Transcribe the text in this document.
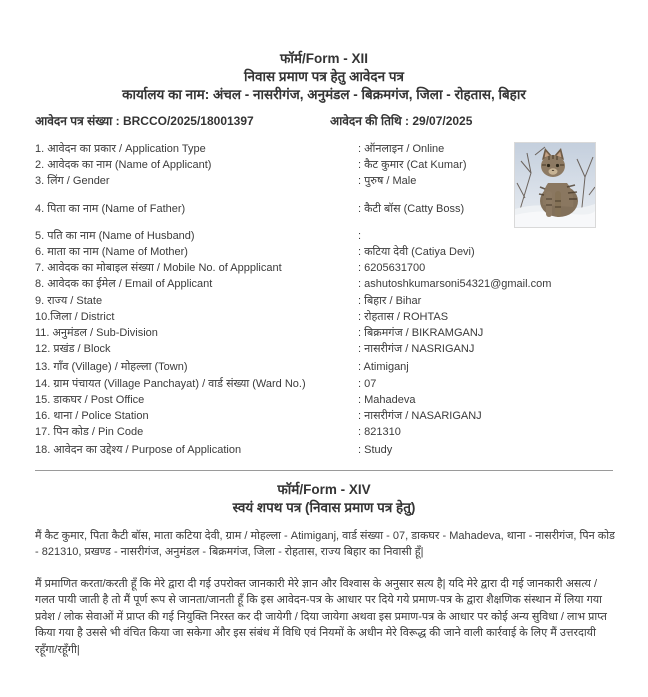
फॉर्म/Form - XII
निवास प्रमाण पत्र हेतु आवेदन पत्र
कार्यालय का नाम: अंचल - नासरीगंज, अनुमंडल - बिक्रमगंज, जिला - रोहतास, बिहार
आवेदन पत्र संख्या : BRCCO/2025/18001397	आवेदन की तिथि : 29/07/2025
1. आवेदन का प्रकार / Application Type	: ऑनलाइन / Online
2. आवेदक का नाम (Name of Applicant)	: कैट कुमार (Cat Kumar)
3. लिंग / Gender	: पुरुष / Male
4. पिता का नाम (Name of Father)	: कैटी बॉस (Catty Boss)
5. पति का नाम (Name of Husband)	:
6. माता का नाम (Name of Mother)	: कटिया देवी (Catiya Devi)
7. आवेदक का मोबाइल संख्या / Mobile No. of Appplicant	: 6205631700
8. आवेदक का ईमेल / Email of Applicant	: ashutoshkumarsoni54321@gmail.com
9. राज्य / State	: बिहार / Bihar
10.जिला / District	: रोहतास / ROHTAS
11. अनुमंडल / Sub-Division	: बिक्रमगंज / BIKRAMGANJ
12. प्रखंड / Block	: नासरीगंज / NASRIGANJ
13. गाँव (Village) / मोहल्ला (Town)	: Atimiganj
14. ग्राम पंचायत (Village Panchayat) / वार्ड संख्या (Ward No.)	: 07
15. डाकघर / Post Office	: Mahadeva
16. थाना / Police Station	: नासरीगंज / NASARIGANJ
17. पिन कोड / Pin Code	: 821310
18. आवेदन का उद्देश्य / Purpose of Application	: Study
फॉर्म/Form - XIV
स्वयं शपथ पत्र (निवास प्रमाण पत्र हेतु)
मैं कैट कुमार, पिता कैटी बॉस, माता कटिया देवी, ग्राम / मोहल्ला - Atimiganj, वार्ड संख्या - 07, डाकघर - Mahadeva, थाना - नासरीगंज, पिन कोड - 821310, प्रखण्ड - नासरीगंज, अनुमंडल - बिक्रमगंज, जिला - रोहतास, राज्य बिहार का निवासी हूँ|
मैं प्रमाणित करता/करती हूँ कि मेरे द्वारा दी गई उपरोक्त जानकारी मेरे ज्ञान और विश्वास के अनुसार सत्य है| यदि मेरे द्वारा दी गई जानकारी असत्य / गलत पायी जाती है तो मैं पूर्ण रूप से जानता/जानती हूँ कि इस आवेदन-पत्र के आधार पर दिये गये प्रमाण-पत्र के द्वारा शैक्षणिक संस्थान में लिया गया प्रवेश / लोक सेवाओं में प्राप्त की गई नियुक्ति निरस्त कर दी जायेगी / दिया जायेगा अथवा इस प्रमाण-पत्र के आधार पर कोई अन्य सुविधा / लाभ प्राप्त किया गया है उससे भी वंचित किया जा सकेगा और इस संबंध में विधि एवं नियमों के अधीन मेरे विरूद्ध की जाने वाली कार्रवाई के लिए मैं उत्तरदायी रहूँगा/रहूँगी|
